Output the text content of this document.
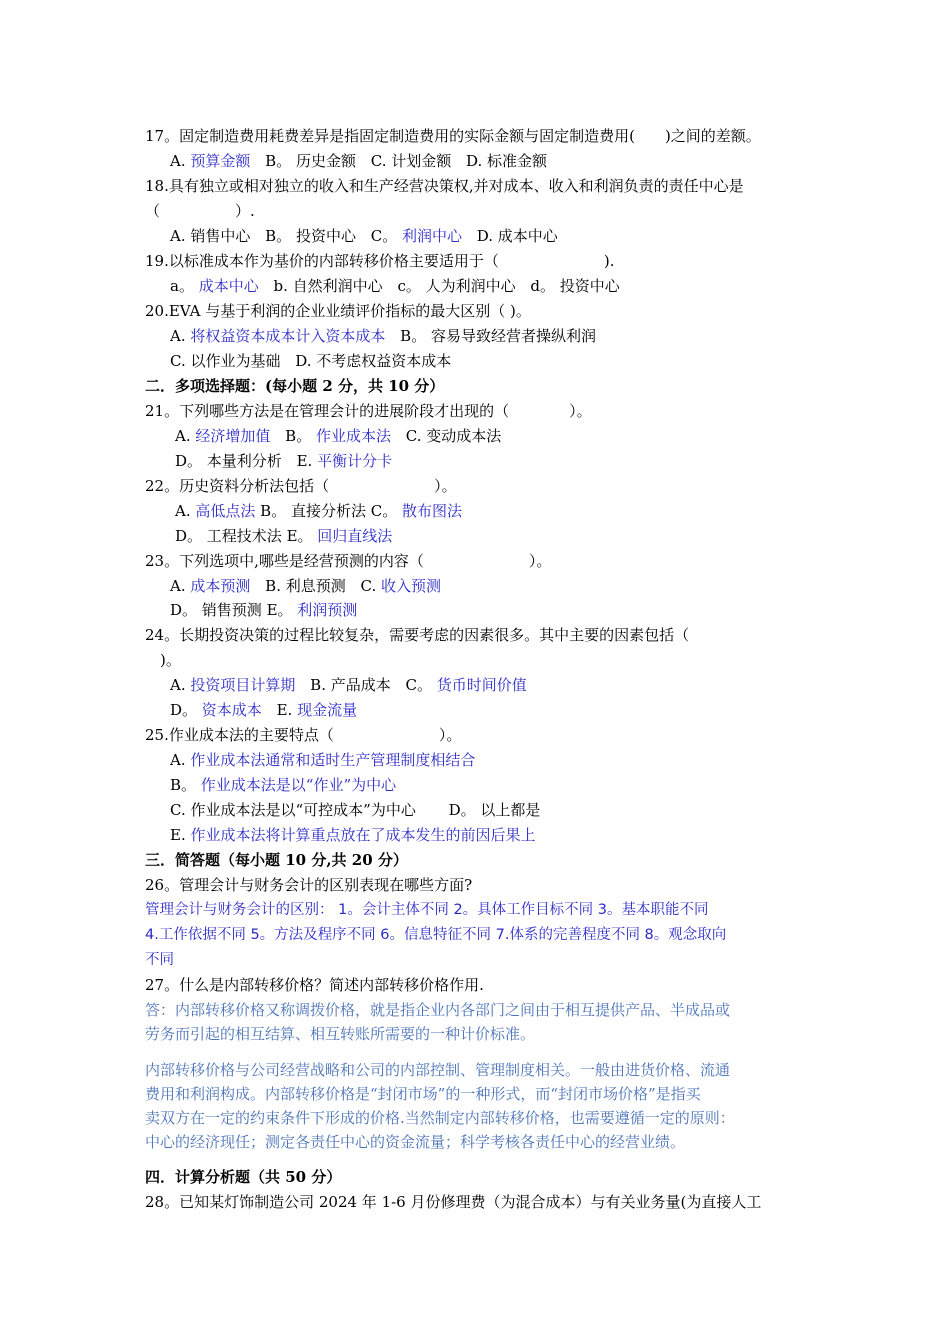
17。固定制造费用耗费差异是指固定制造费用的实际金额与固定制造费用(　　)之间的差额。
A. 预算金额 B。 历史金额 C. 计划金额 D. 标准金额
18.具有独立或相对独立的收入和生产经营决策权,并对成本、收入和利润负责的责任中心是
（　　　　　）.
A. 销售中心 B。 投资中心 C。 利润中心 D. 成本中心
19.以标准成本作为基价的内部转移价格主要适用于（　　　　　　　).
a。 成本中心 b. 自然利润中心 c。 人为利润中心 d。 投资中心
20.EVA 与基于利润的企业业绩评价指标的最大区别（ )。
A. 将权益资本成本计入资本成本 B。 容易导致经营者操纵利润
C. 以作业为基础 D. 不考虑权益资本成本
二．多项选择题：(每小题 2 分，共 10 分）
21。下列哪些方法是在管理会计的进展阶段才出现的（　　　　）。
A. 经济增加值 B。 作业成本法 C. 变动成本法
D。 本量利分析 E. 平衡计分卡
22。历史资料分析法包括（　　　　　　　）。
A. 高低点法 B。 直接分析法 C。 散布图法
D。 工程技术法 E。 回归直线法
23。下列选项中,哪些是经营预测的内容（　　　　　　　）。
A. 成本预测 B. 利息预测 C. 收入预测
D。 销售预测 E。 利润预测
24。长期投资决策的过程比较复杂，需要考虑的因素很多。其中主要的因素包括（
)。
A. 投资项目计算期 B. 产品成本 C。 货币时间价值
D。 资本成本 E. 现金流量
25.作业成本法的主要特点（　　　　　　　）。
A. 作业成本法通常和适时生产管理制度相结合
B。 作业成本法是以“作业”为中心
C. 作业成本法是以“可控成本”为中心 D。 以上都是
E. 作业成本法将计算重点放在了成本发生的前因后果上
三．简答题（每小题 10 分,共 20 分）
26。管理会计与财务会计的区别表现在哪些方面?
管理会计与财务会计的区别： 1。会计主体不同 2。具体工作目标不同 3。基本职能不同
4.工作依据不同 5。方法及程序不同 6。信息特征不同 7.体系的完善程度不同 8。观念取向
不同
27。什么是内部转移价格？简述内部转移价格作用.
答：内部转移价格又称调拨价格，就是指企业内各部门之间由于相互提供产品、半成品或
劳务而引起的相互结算、相互转账所需要的一种计价标准。
内部转移价格与公司经营战略和公司的内部控制、管理制度相关。一般由进货价格、流通
费用和利润构成。内部转移价格是“封闭市场”的一种形式，而“封闭市场价格”是指买
卖双方在一定的约束条件下形成的价格.当然制定内部转移价格，也需要遵循一定的原则：
中心的经济现任；测定各责任中心的资金流量；科学考核各责任中心的经营业绩。
四．计算分析题（共 50 分）
28。已知某灯饰制造公司 2024 年 1-6 月份修理费（为混合成本）与有关业务量(为直接人工
